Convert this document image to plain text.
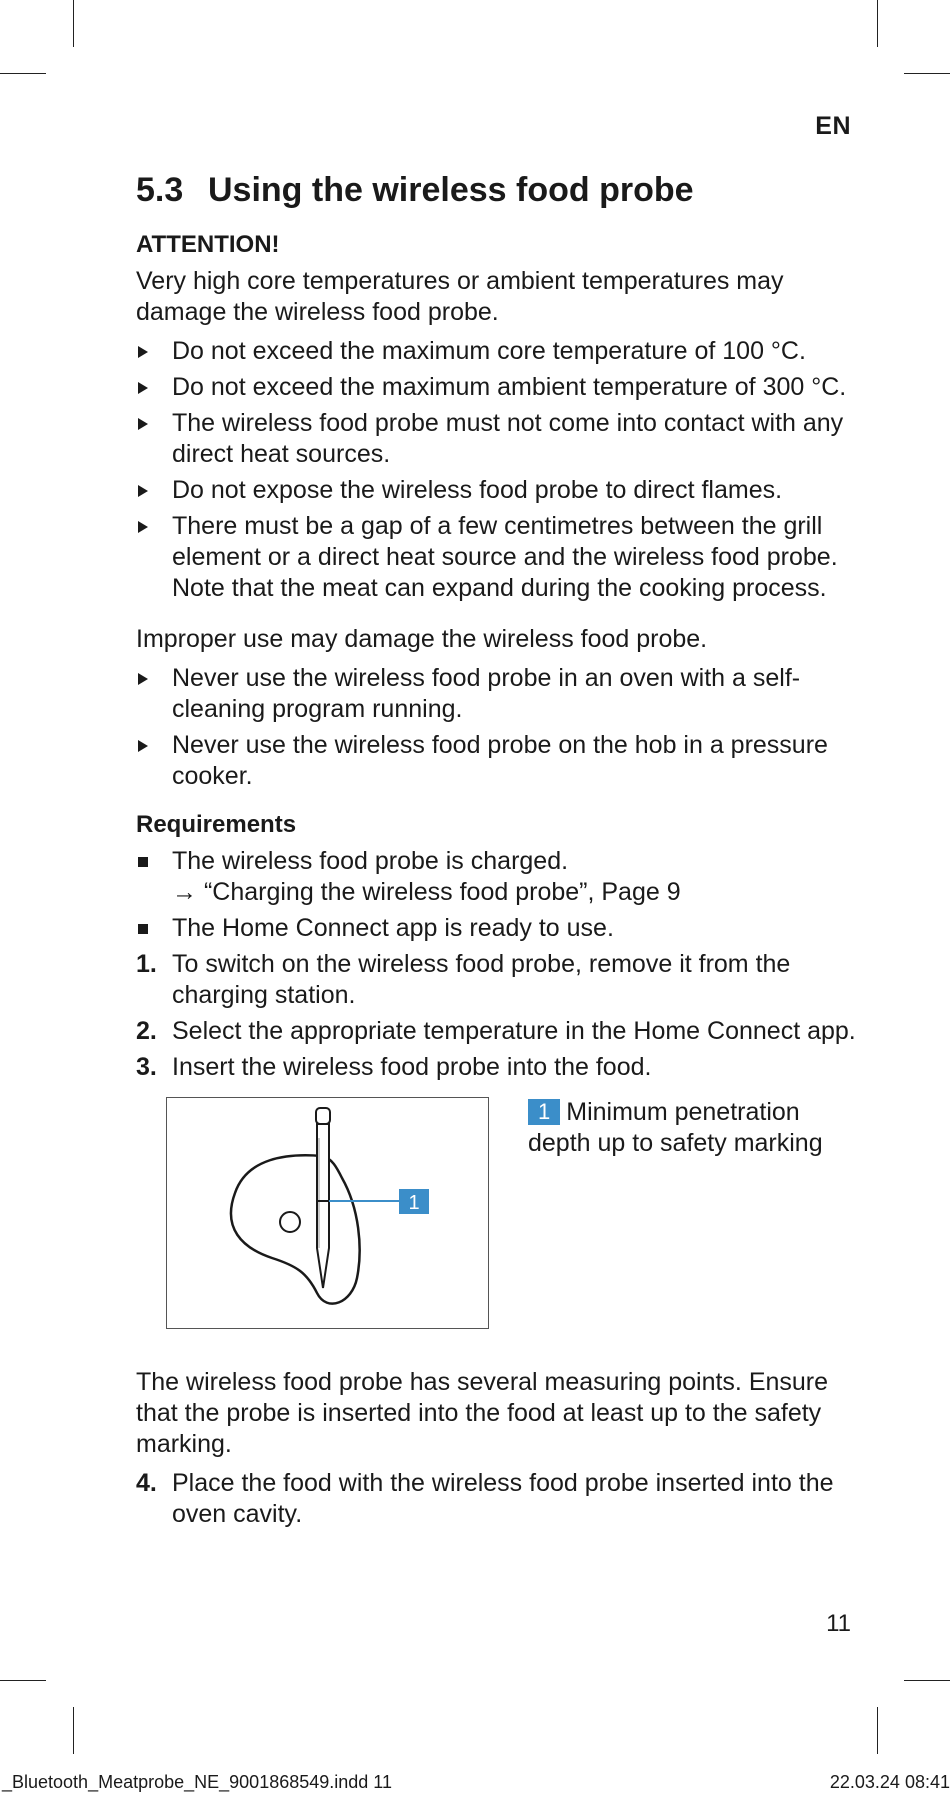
EN
5.3 Using the wireless food probe
ATTENTION!

Very high core temperatures or ambient temperatures may damage the wireless food probe.

Do not exceed the maximum core temperature of 100 °C.
Do not exceed the maximum ambient temperature of 300 °C.
The wireless food probe must not come into contact with any direct heat sources.
Do not expose the wireless food probe to direct flames.
There must be a gap of a few centimetres between the grill element or a direct heat source and the wireless food probe. Note that the meat can expand during the cooking process.

Improper use may damage the wireless food probe.

Never use the wireless food probe in an oven with a self-cleaning program running.
Never use the wireless food probe on the hob in a pressure cooker.
Requirements
The wireless food probe is charged.
→ “Charging the wireless food probe”, Page 9
The Home Connect app is ready to use.
1. To switch on the wireless food probe, remove it from the charging station.
2. Select the appropriate temperature in the Home Connect app.
3. Insert the wireless food probe into the food.
1
1 Minimum penetration depth up to safety marking

The wireless food probe has several measuring points. Ensure that the probe is inserted into the food at least up to the safety marking.

4. Place the food with the wireless food probe inserted into the oven cavity.
11
_Bluetooth_Meatprobe_NE_9001868549.indd 11	22.03.24 08:41
